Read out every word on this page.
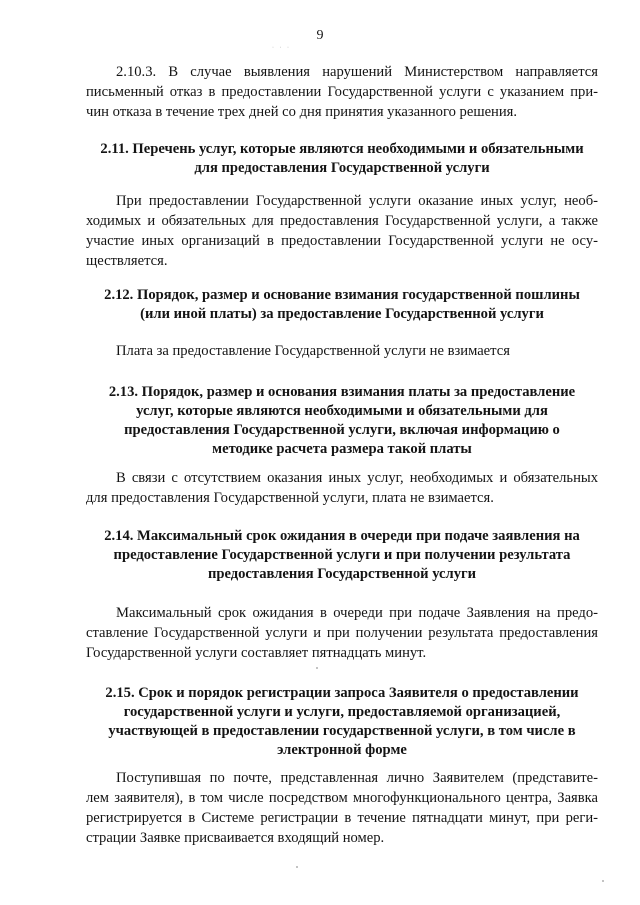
9
· · ·
2.10.3. В случае выявления нарушений Министерством направляется
письменный отказ в предоставлении Государственной услуги с указанием при-
чин отказа в течение трех дней со дня принятия указанного решения.
2.11. Перечень услуг, которые являются необходимыми и обязательными
для предоставления Государственной услуги
При предоставлении Государственной услуги оказание иных услуг, необ-
ходимых и обязательных для предоставления Государственной услуги, а также
участие иных организаций в предоставлении Государственной услуги не осу-
ществляется.
2.12. Порядок, размер и основание взимания государственной пошлины
(или иной платы) за предоставление Государственной услуги
Плата за предоставление Государственной услуги не взимается
2.13. Порядок, размер и основания взимания платы за предоставление
услуг, которые являются необходимыми и обязательными для
предоставления Государственной услуги, включая информацию о
методике расчета размера такой платы
В связи с отсутствием оказания иных услуг, необходимых и обязательных
для предоставления Государственной услуги, плата не взимается.
2.14. Максимальный срок ожидания в очереди при подаче заявления на
предоставление Государственной услуги и при получении результата
предоставления Государственной услуги
Максимальный срок ожидания в очереди при подаче Заявления на предо-
ставление Государственной услуги и при получении результата предоставления
Государственной услуги составляет пятнадцать минут.
2.15. Срок и порядок регистрации запроса Заявителя о предоставлении
государственной услуги и услуги, предоставляемой организацией,
участвующей в предоставлении государственной услуги, в том числе в
электронной форме
Поступившая по почте, представленная лично Заявителем (представите-
лем заявителя), в том числе посредством многофункционального центра, Заявка
регистрируется в Системе регистрации в течение пятнадцати минут, при реги-
страции Заявке присваивается входящий номер.
